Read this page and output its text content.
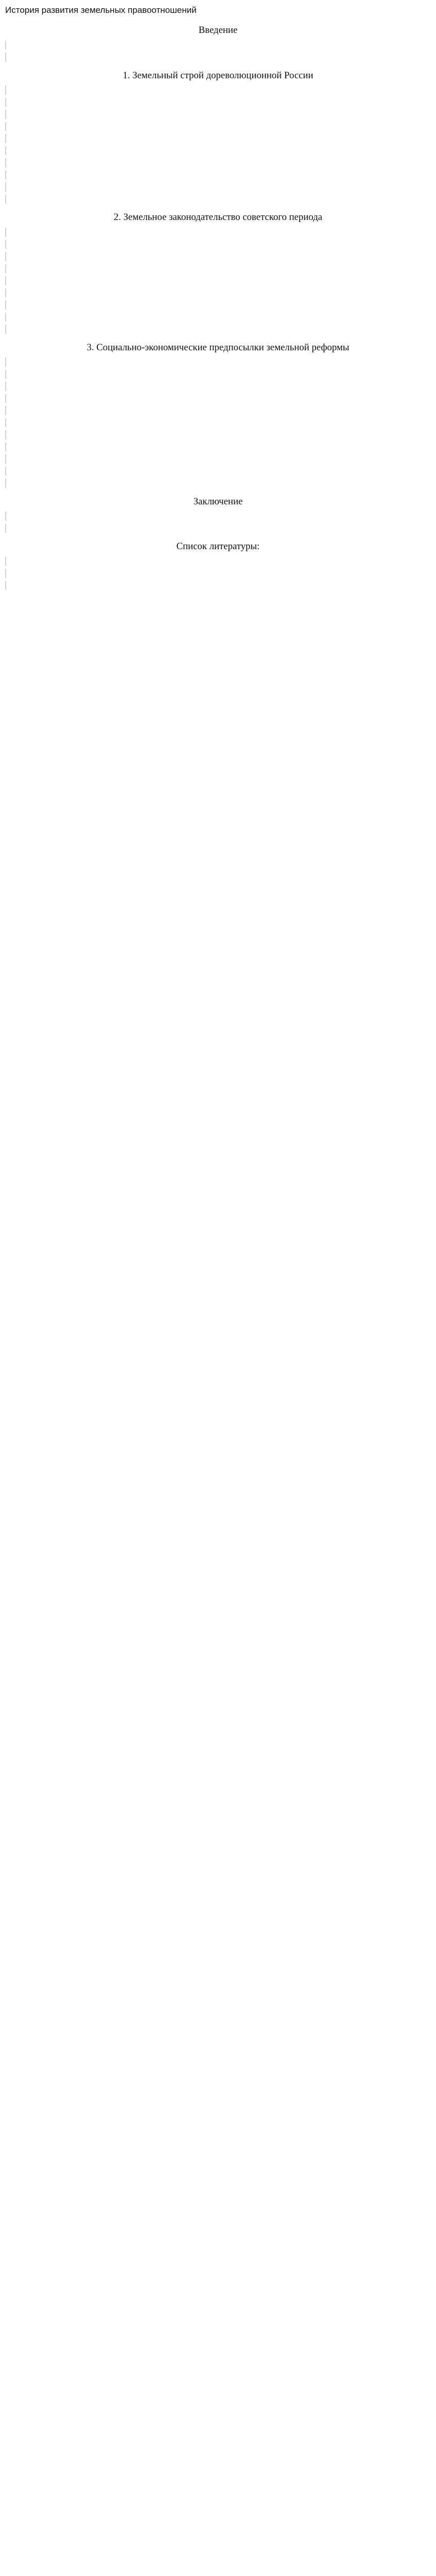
История развития земельных правоотношений
Введение

1. Земельный строй дореволюционной России

2. Земельное законодательство советского периода

3. Социально-экономические предпосылки земельной реформы

Заключение

Список литературы:
